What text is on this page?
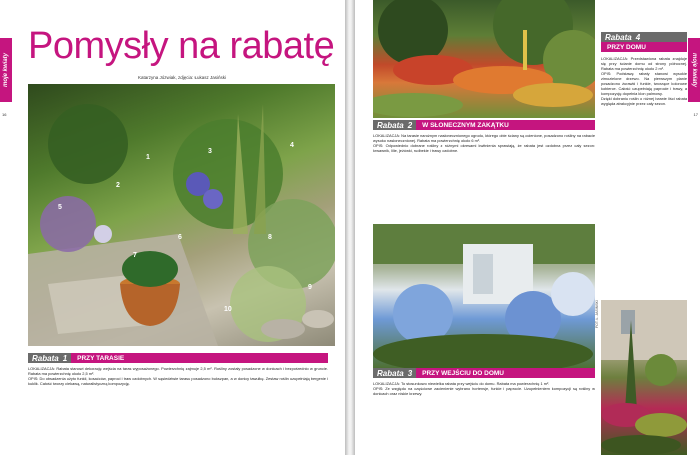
moje kwiaty
16
Pomysły na rabatę
Katarzyna Józwiak, zdjęcia: Łukasz Jasiński
1
2
3
4
5
6
7
8
9
10
Rabata 1	PRZY TARASIE

LOKALIZACJA: Rabata stanowi dekorację wejścia na taras wyposażonego. Powierzchnię zajmuje 2,5 m². Rośliny zostały posadzone w donicach i bezpośrednio w gruncie. Rabata ma powierzchnię około 2,5 m².

OPIS: Do obsadzenia użyto funkii, kosaćców, paproci i traw ozdobnych. W sąsiedztwie tarasu posadzono bukszpan, a w donicy tawułkę. Zestaw roślin uzupełniają bergenie i kuklik. Całość tworzy ciekawą, naturalistyczną kompozycję.

moje kwiaty
17
Rabata 2	W SŁONECZNYM ZAKĄTKU

LOKALIZACJA: Na tarasie narożnym nasłonecznionego ogrodu, którego obie ściany są ocienione, posadzono rośliny na rabacie wysoko nasłonecznionej. Rabata ma powierzchnię około 6 m².

OPIS: Odpowiednio dobrane rośliny z różnymi okresami kwitnienia sprawiają, że rabata jest ozdobna przez cały sezon: krwawnik, lilie, jeżówki, rudbekie i trawy ozdobne.

Rabata 3	PRZY WEJŚCIU DO DOMU

LOKALIZACJA: To stosunkowo niewielka rabata przy wejściu do domu. Rabata ma powierzchnię 1 m².

OPIS: Ze względu na częściowe zacienienie wybrano hortensje, funkie i paprocie. Uzupełnieniem kompozycji są rośliny w donicach oraz niskie krzewy.

Rabata 4
PRZY DOMU

LOKALIZACJA: Przedstawiona rabata znajduje się przy ścianie domu od strony północnej. Rabata ma powierzchnię około 2 m².

OPIS: Podstawę rabaty stanowi wysokie zimozielone drzewo. Na pierwszym planie posadzono żurawki i funkie, tworzące kolorowe kobierce. Całość uzupełniają paprocie i trawy, a kompozycję dopełnia klon palmowy.

Dzięki dobraniu roślin o różnej barwie liści rabata wygląda atrakcyjnie przez cały sezon.

FOT. Ł. JASIŃSKI
